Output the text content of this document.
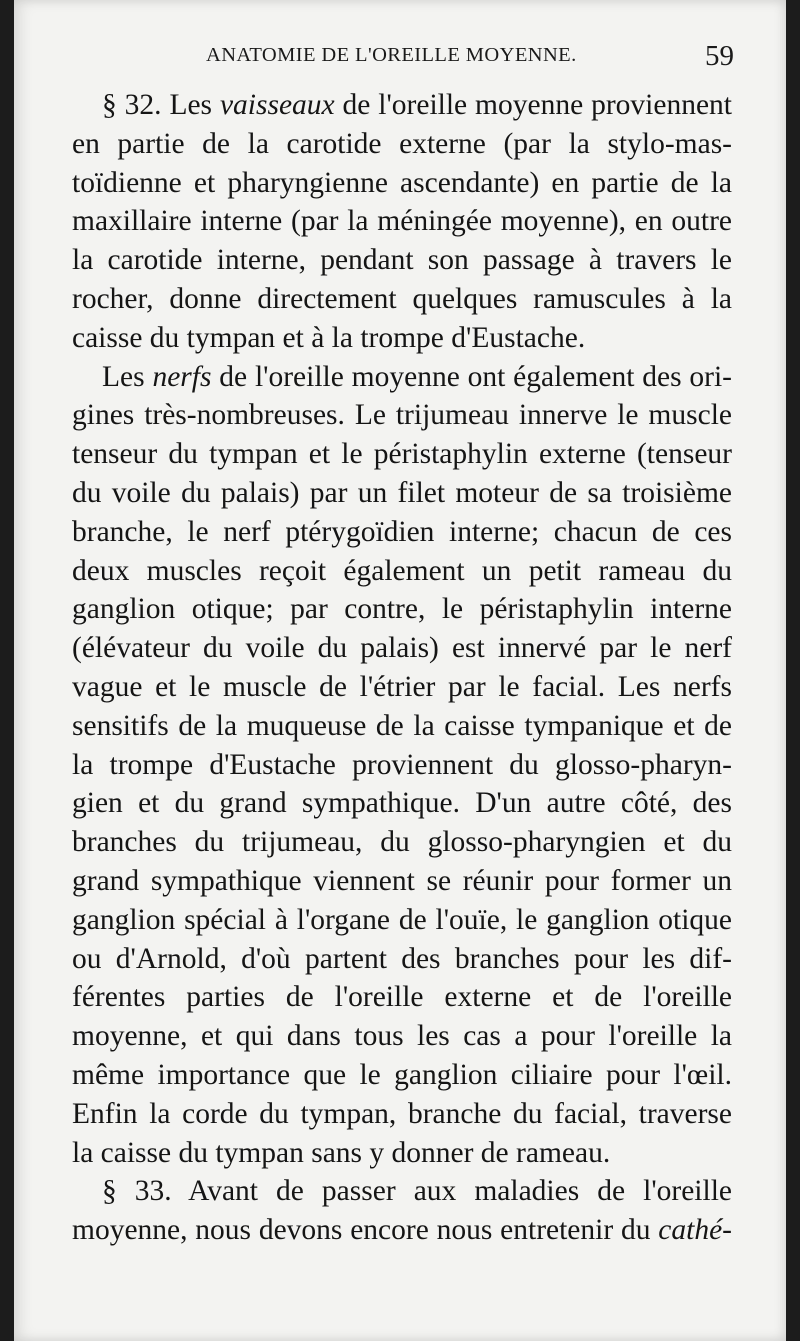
ANATOMIE DE L'OREILLE MOYENNE.	59
§ 32. Les vaisseaux de l'oreille moyenne proviennent
en partie de la carotide externe (par la stylo-mas-
toïdienne et pharyngienne ascendante) en partie de la
maxillaire interne (par la méningée moyenne), en outre
la carotide interne, pendant son passage à travers le
rocher, donne directement quelques ramuscules à la
caisse du tympan et à la trompe d'Eustache.
Les nerfs de l'oreille moyenne ont également des ori-
gines très-nombreuses. Le trijumeau innerve le muscle
tenseur du tympan et le péristaphylin externe (tenseur
du voile du palais) par un filet moteur de sa troisième
branche, le nerf ptérygoïdien interne; chacun de ces
deux muscles reçoit également un petit rameau du
ganglion otique; par contre, le péristaphylin interne
(élévateur du voile du palais) est innervé par le nerf
vague et le muscle de l'étrier par le facial. Les nerfs
sensitifs de la muqueuse de la caisse tympanique et de
la trompe d'Eustache proviennent du glosso-pharyn-
gien et du grand sympathique. D'un autre côté, des
branches du trijumeau, du glosso-pharyngien et du
grand sympathique viennent se réunir pour former un
ganglion spécial à l'organe de l'ouïe, le ganglion otique
ou d'Arnold, d'où partent des branches pour les dif-
férentes parties de l'oreille externe et de l'oreille
moyenne, et qui dans tous les cas a pour l'oreille la
même importance que le ganglion ciliaire pour l'œil.
Enfin la corde du tympan, branche du facial, traverse
la caisse du tympan sans y donner de rameau.
§ 33. Avant de passer aux maladies de l'oreille
moyenne, nous devons encore nous entretenir du cathé-
